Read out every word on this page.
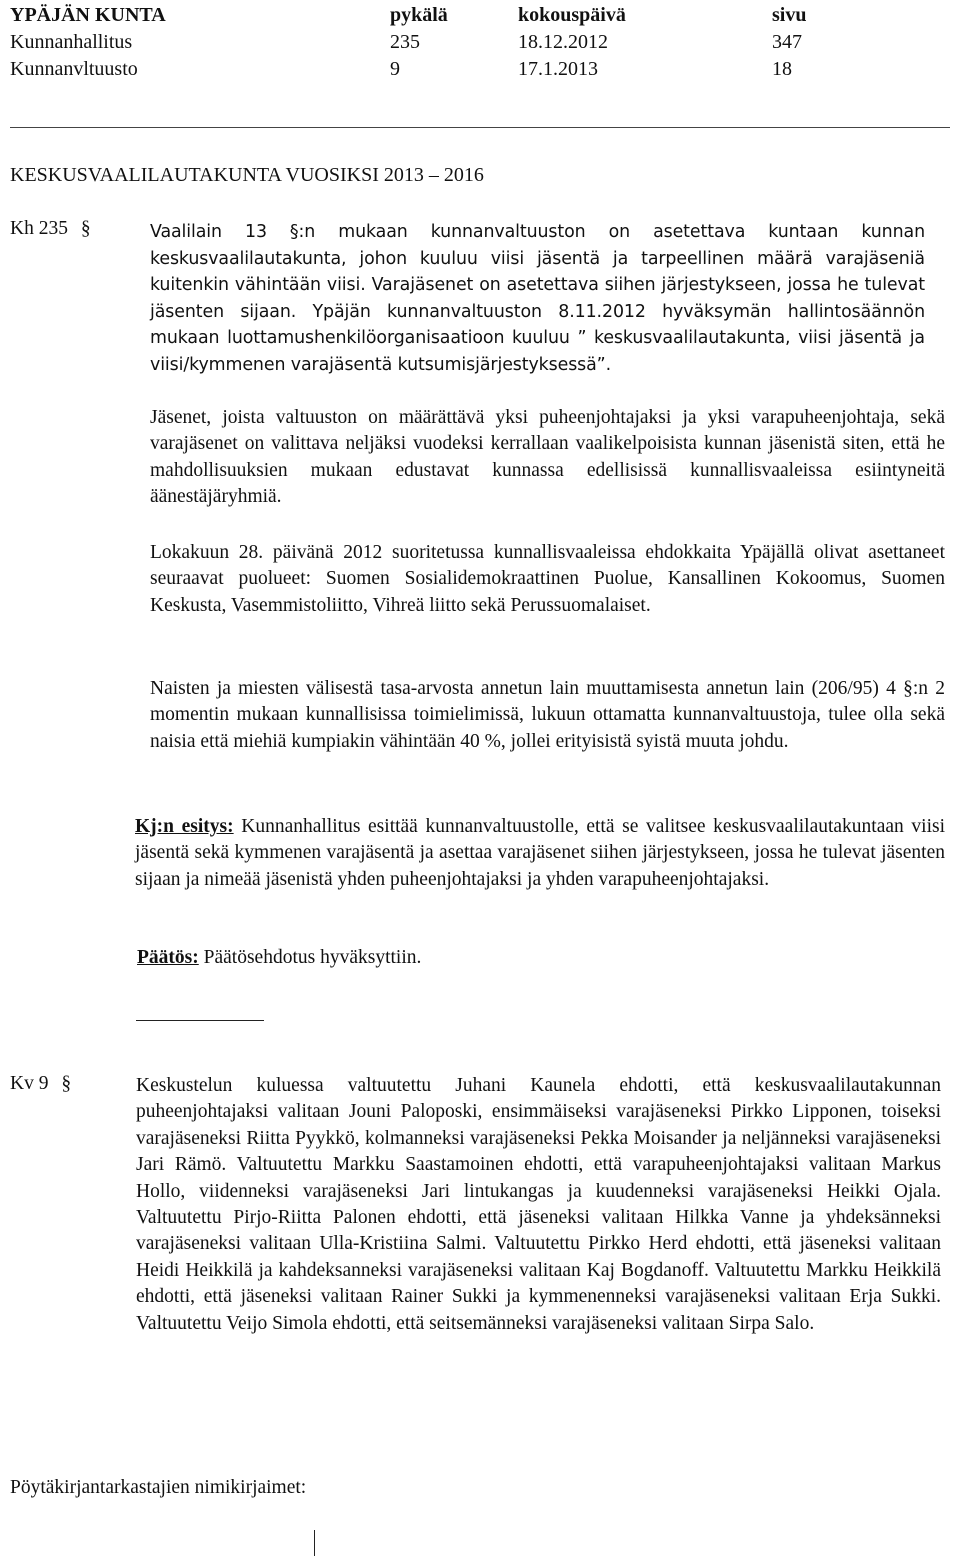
YPÄJÄN KUNTA	pykälä	kokouspäivä	sivu
Kunnanhallitus	235	18.12.2012	347
Kunnanvltuusto	9	17.1.2013	18
KESKUSVAALILAUTAKUNTA VUOSIKSI 2013 – 2016
Kh 235 §	Vaalilain 13 §:n mukaan kunnanvaltuuston on asetettava kuntaan kunnan keskusvaalilautakunta, johon kuuluu viisi jäsentä ja tarpeellinen määrä varajäseniä kuitenkin vähintään viisi. Varajäsenet on asetettava siihen järjestykseen, jossa he tulevat jäsenten sijaan. Ypäjän kunnanvaltuuston 8.11.2012 hyväksymän hallintosäännön mukaan luottamushenkilöorganisaatioon kuuluu ” keskusvaalilautakunta, viisi jäsentä ja viisi/kymmenen varajäsentä kutsumisjärjestyksessä”.

Jäsenet, joista valtuuston on määrättävä yksi puheenjohtajaksi ja yksi varapuheenjohtaja, sekä varajäsenet on valittava neljäksi vuodeksi kerrallaan vaalikelpoisista kunnan jäsenistä siten, että he mahdollisuuksien mukaan edustavat kunnassa edellisissä kunnallisvaaleissa esiintyneitä äänestäjäryhmiä.

Lokakuun 28. päivänä 2012 suoritetussa kunnallisvaaleissa ehdokkaita Ypäjällä olivat asettaneet seuraavat puolueet: Suomen Sosialidemokraattinen Puolue, Kansallinen Kokoomus, Suomen Keskusta, Vasemmistoliitto, Vihreä liitto sekä Perussuomalaiset.

Naisten ja miesten välisestä tasa-arvosta annetun lain muuttamisesta annetun lain (206/95) 4 §:n 2 momentin mukaan kunnallisissa toimielimissä, lukuun ottamatta kunnanvaltuustoja, tulee olla sekä naisia että miehiä kumpiakin vähintään 40 %, jollei erityisistä syistä muuta johdu.

Kj:n esitys: Kunnanhallitus esittää kunnanvaltuustolle, että se valitsee keskusvaalilautakuntaan viisi jäsentä sekä kymmenen varajäsentä ja asettaa varajäsenet siihen järjestykseen, jossa he tulevat jäsenten sijaan ja nimeää jäsenistä yhden puheenjohtajaksi ja yhden varapuheenjohtajaksi.

Päätös: Päätösehdotus hyväksyttiin.

Kv 9 §	Keskustelun kuluessa valtuutettu Juhani Kaunela ehdotti, että keskusvaalilautakunnan puheenjohtajaksi valitaan Jouni Paloposki, ensimmäiseksi varajäseneksi Pirkko Lipponen, toiseksi varajäseneksi Riitta Pyykkö, kolmanneksi varajäseneksi Pekka Moisander ja neljänneksi varajäseneksi Jari Rämö. Valtuutettu Markku Saastamoinen ehdotti, että varapuheenjohtajaksi valitaan Markus Hollo, viidenneksi varajäseneksi Jari lintukangas ja kuudenneksi varajäseneksi Heikki Ojala. Valtuutettu Pirjo-Riitta Palonen ehdotti, että jäseneksi valitaan Hilkka Vanne ja yhdeksänneksi varajäseneksi valitaan Ulla-Kristiina Salmi. Valtuutettu Pirkko Herd ehdotti, että jäseneksi valitaan Heidi Heikkilä ja kahdeksanneksi varajäseneksi valitaan Kaj Bogdanoff. Valtuutettu Markku Heikkilä ehdotti, että jäseneksi valitaan Rainer Sukki ja kymmenenneksi varajäseneksi valitaan Erja Sukki. Valtuutettu Veijo Simola ehdotti, että seitsemänneksi varajäseneksi valitaan Sirpa Salo.

Pöytäkirjantarkastajien nimikirjaimet:
